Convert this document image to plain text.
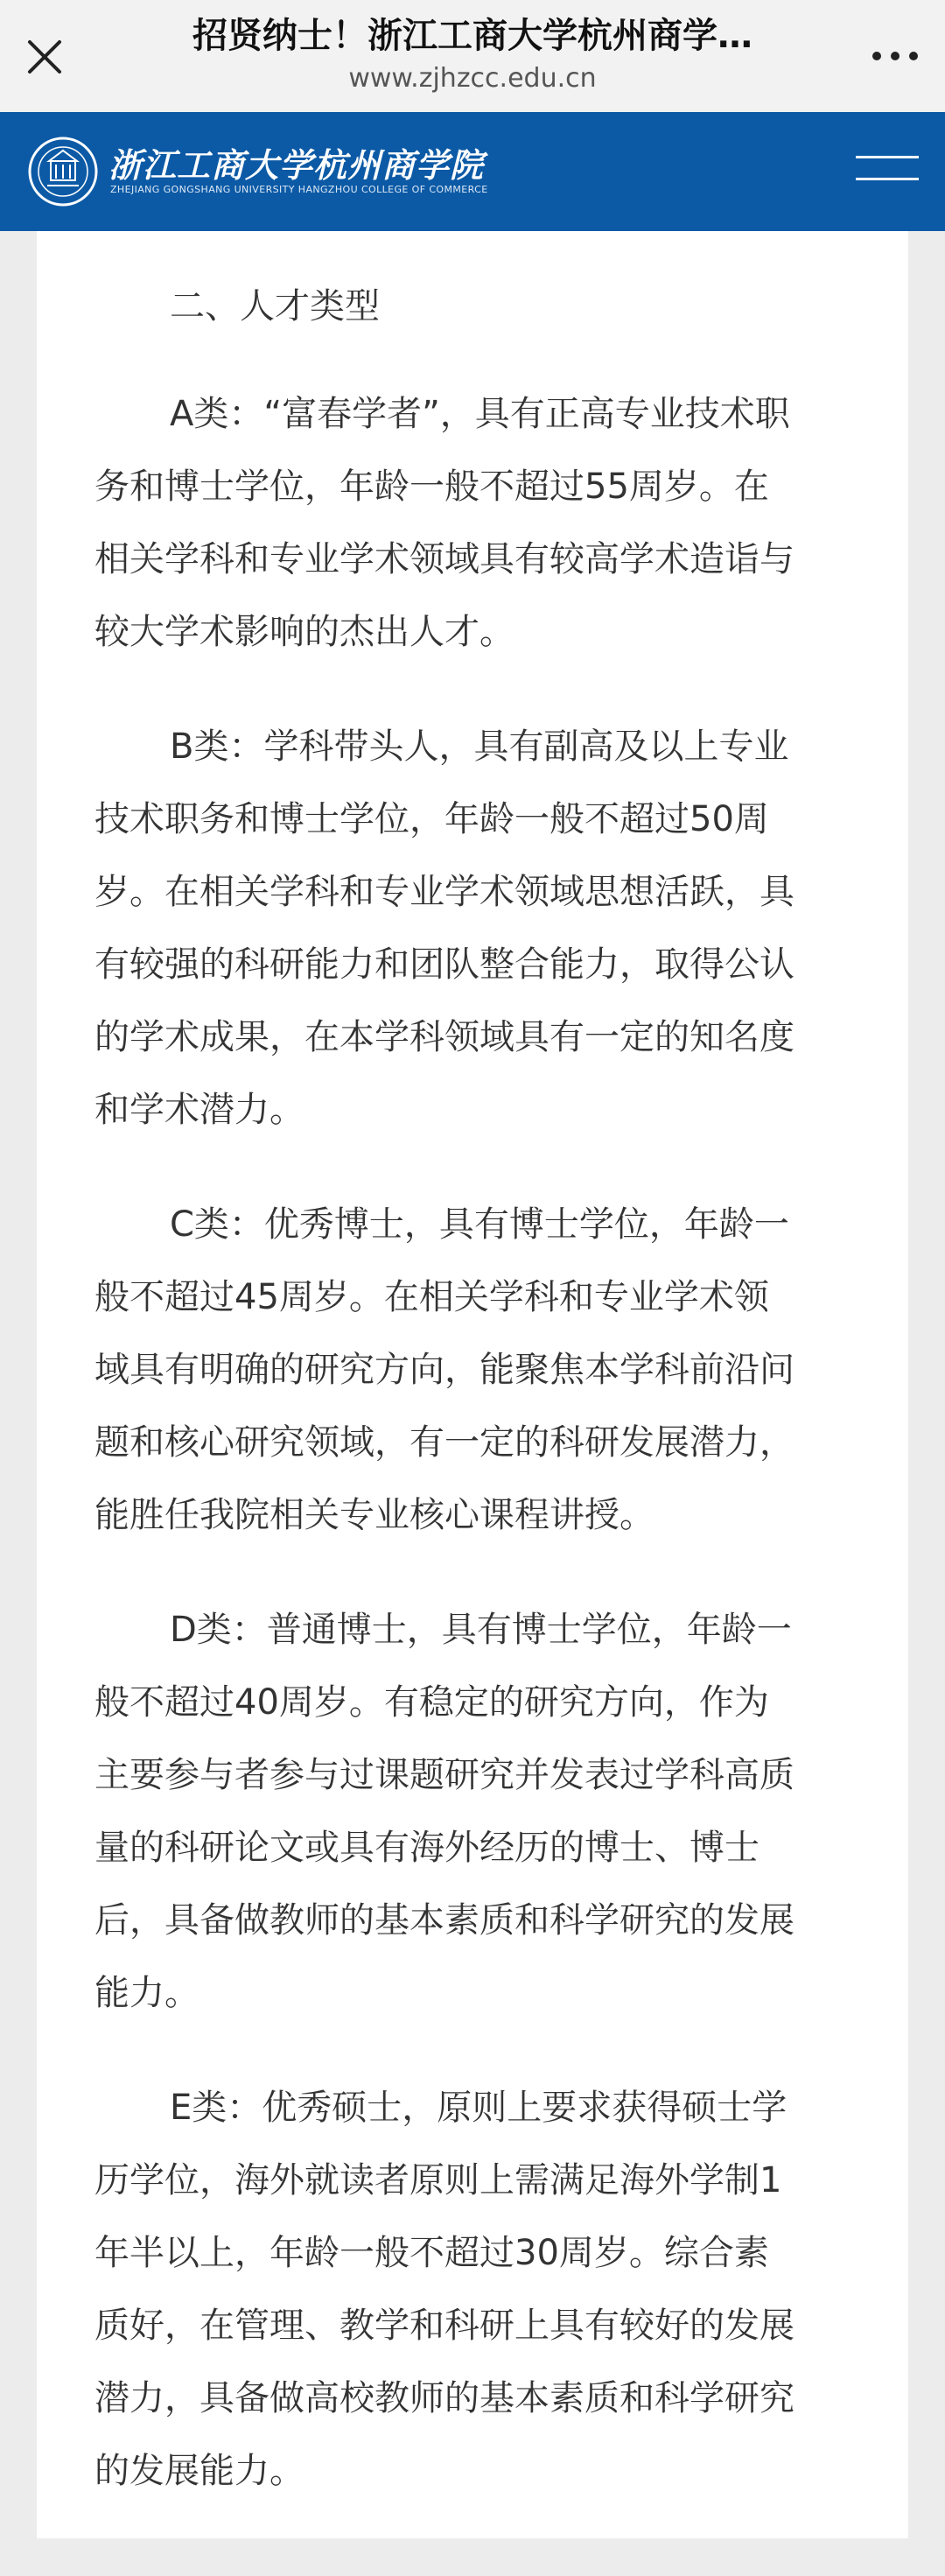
招贤纳士！浙江工商大学杭州商学…
www.zjhzcc.edu.cn
浙江工商大学杭州商学院
ZHEJIANG GONGSHANG UNIVERSITY HANGZHOU COLLEGE OF COMMERCE
二、人才类型
A类：“富春学者”，具有正高专业技术职
务和博士学位，年龄一般不超过55周岁。在
相关学科和专业学术领域具有较高学术造诣与
较大学术影响的杰出人才。
B类：学科带头人，具有副高及以上专业
技术职务和博士学位，年龄一般不超过50周
岁。在相关学科和专业学术领域思想活跃，具
有较强的科研能力和团队整合能力，取得公认
的学术成果，在本学科领域具有一定的知名度
和学术潜力。
C类：优秀博士，具有博士学位，年龄一
般不超过45周岁。在相关学科和专业学术领
域具有明确的研究方向，能聚焦本学科前沿问
题和核心研究领域，有一定的科研发展潜力，
能胜任我院相关专业核心课程讲授。
D类：普通博士，具有博士学位，年龄一
般不超过40周岁。有稳定的研究方向，作为
主要参与者参与过课题研究并发表过学科高质
量的科研论文或具有海外经历的博士、博士
后，具备做教师的基本素质和科学研究的发展
能力。
E类：优秀硕士，原则上要求获得硕士学
历学位，海外就读者原则上需满足海外学制1
年半以上，年龄一般不超过30周岁。综合素
质好，在管理、教学和科研上具有较好的发展
潜力，具备做高校教师的基本素质和科学研究
的发展能力。
